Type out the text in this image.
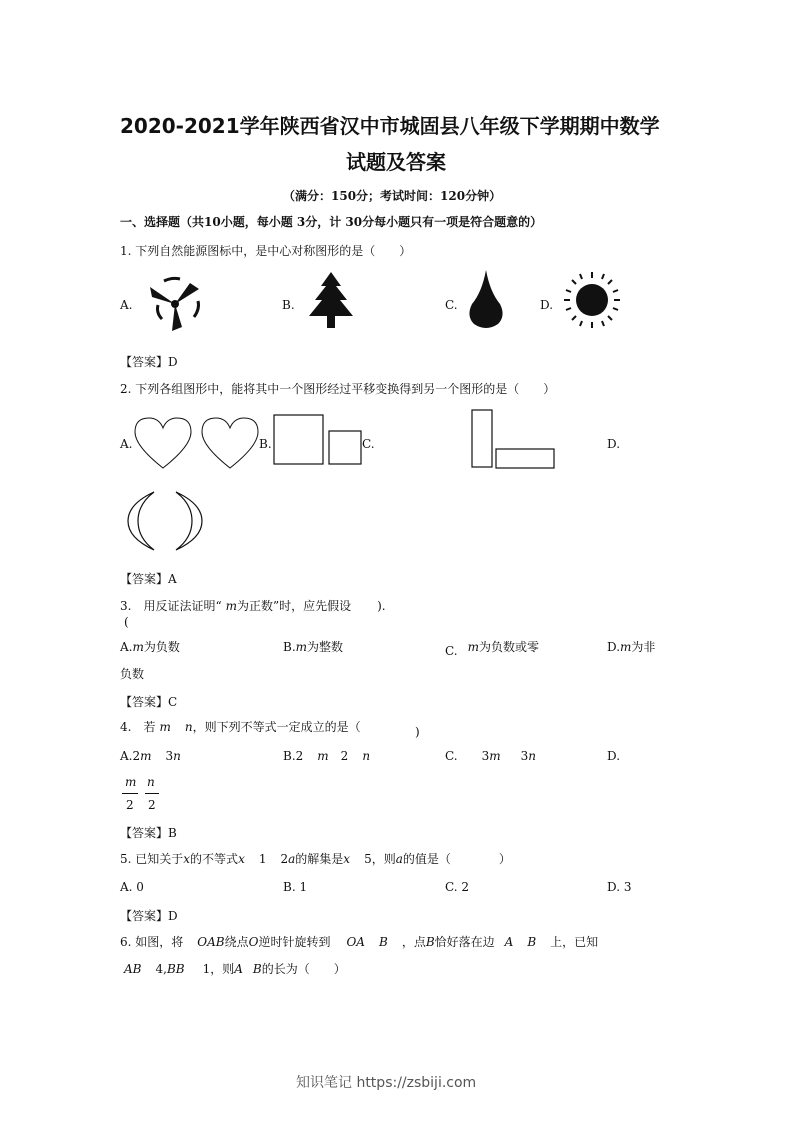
2020-2021学年陕西省汉中市城固县八年级下学期期中数学
试题及答案
（满分：150分；考试时间：120分钟）
一、选择题（共10小题，每小题 3分，计 30分每小题只有一项是符合题意的）
1. 下列自然能源图标中，是中心对称图形的是（　　）
A.	B.	C.	D.
【答案】D
2. 下列各组图形中，能将其中一个图形经过平移变换得到另一个图形的是（　　）
A.	B.	C.	D.
【答案】A
3.　用反证法证明“ m为正数”时，应先假设 ).
(
A.m为负数	B.m为整数	C. m为负数或零	D.m为非
负数
【答案】C
4.　若 m n，则下列不等式一定成立的是（	)
A.2m 3n	B.2 m 2 n	C. 3m 3n	D.
m
2
n
2
【答案】B
5. 已知关于x的不等式x 1 2a的解集是x 5，则a的值是（　　　　）
A. 0	B. 1	C. 2	D. 3
【答案】D
6. 如图，将 OAB绕点O逆时针旋转到 OA B ，点B恰好落在边 A B 上，已知
AB 4,BB 1，则A B的长为（　　）
知识笔记 https://zsbiji.com
